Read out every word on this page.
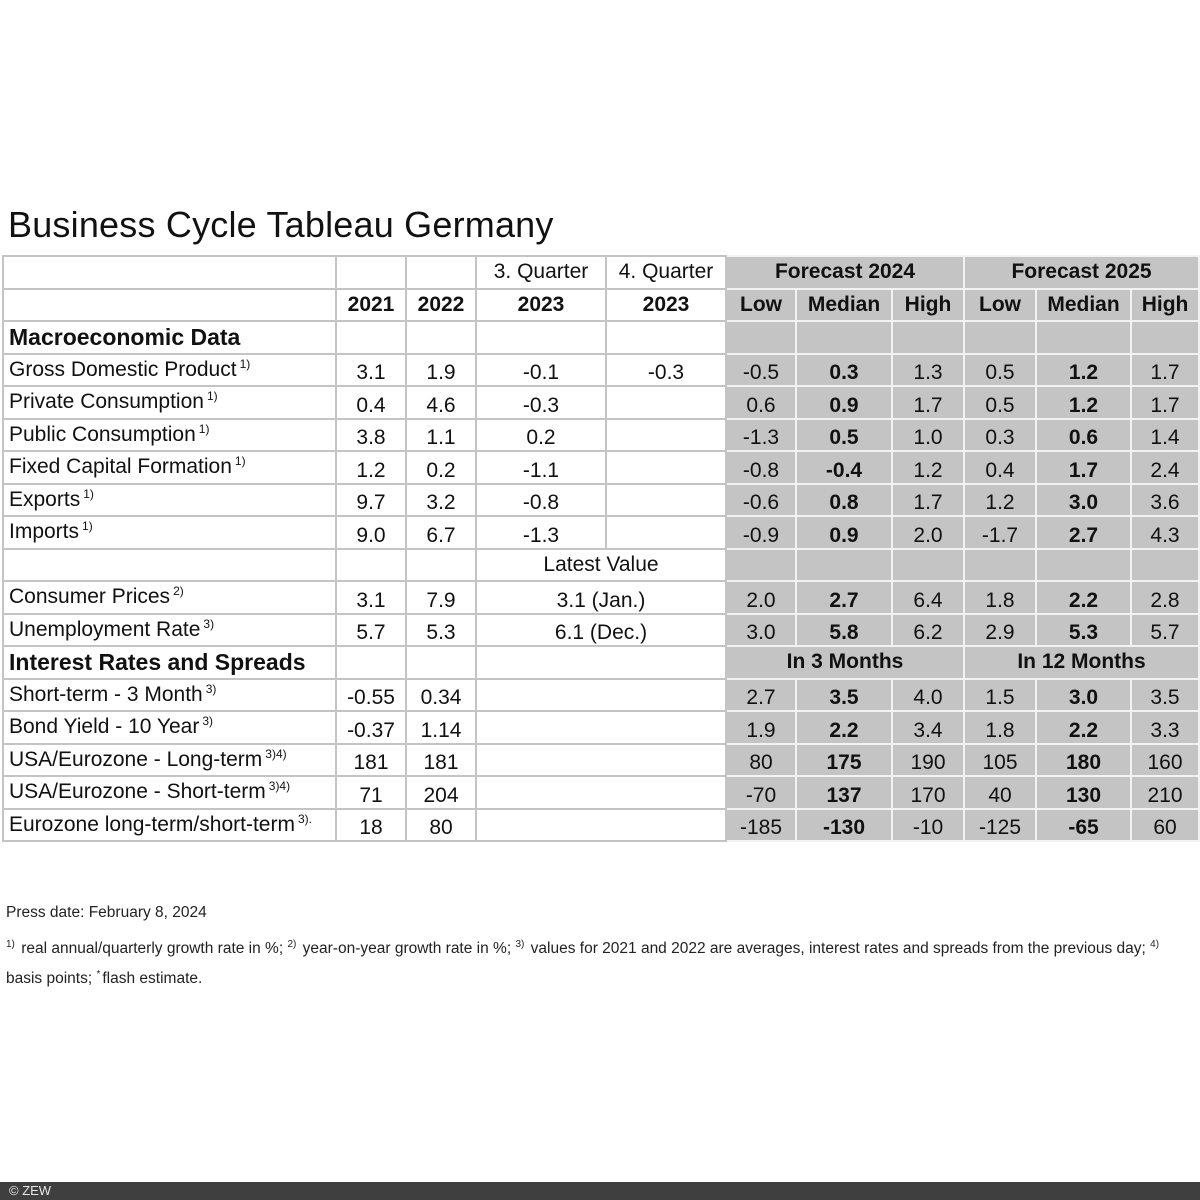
Business Cycle Tableau Germany
			3. Quarter	4. Quarter	Forecast 2024			Forecast 2025		
	2021	2022	2023	2023	Low	Median	High	Low	Median	High
Macroeconomic Data										
Gross Domestic Product $^{1)}$	3.1	1.9	-0.1	-0.3	-0.5	0.3	1.3	0.5	1.2	1.7
Private Consumption $^{1)}$	0.4	4.6	-0.3		0.6	0.9	1.7	0.5	1.2	1.7
Public Consumption $^{1)}$	3.8	1.1	0.2		-1.3	0.5	1.0	0.3	0.6	1.4
Fixed Capital Formation $^{1)}$	1.2	0.2	-1.1		-0.8	-0.4	1.2	0.4	1.7	2.4
Exports $^{1)}$	9.7	3.2	-0.8		-0.6	0.8	1.7	1.2	3.0	3.6
Imports $^{1)}$	9.0	6.7	-1.3		-0.9	0.9	2.0	-1.7	2.7	4.3
			Latest Value							
Consumer Prices $^{2)}$	3.1	7.9	3.1 (Jan.)		2.0	2.7	6.4	1.8	2.2	2.8
Unemployment Rate $^{3)}$	5.7	5.3	6.1 (Dec.)		3.0	5.8	6.2	2.9	5.3	5.7
Interest Rates and Spreads					In 3 Months			In 12 Months		
Short-term - 3 Month $^{3)}$	-0.55	0.34			2.7	3.5	4.0	1.5	3.0	3.5
Bond Yield - 10 Year $^{3)}$	-0.37	1.14			1.9	2.2	3.4	1.8	2.2	3.3
USA/Eurozone - Long-term $^{3)4)}$	181	181			80	175	190	105	180	160
USA/Eurozone - Short-term $^{3)4)}$	71	204			-70	137	170	40	130	210
Eurozone long-term/short-term $^{3).}$	18	80			-185	-130	-10	-125	-65	60
Press date: February 8, 2024
$^{1)}$ real annual/quarterly growth rate in %; $^{2)}$ year-on-year growth rate in %; $^{3)}$ values for 2021 and 2022 are averages, interest rates and spreads from the previous day; $^{4)}$ basis points; * flash estimate.
© ZEW
